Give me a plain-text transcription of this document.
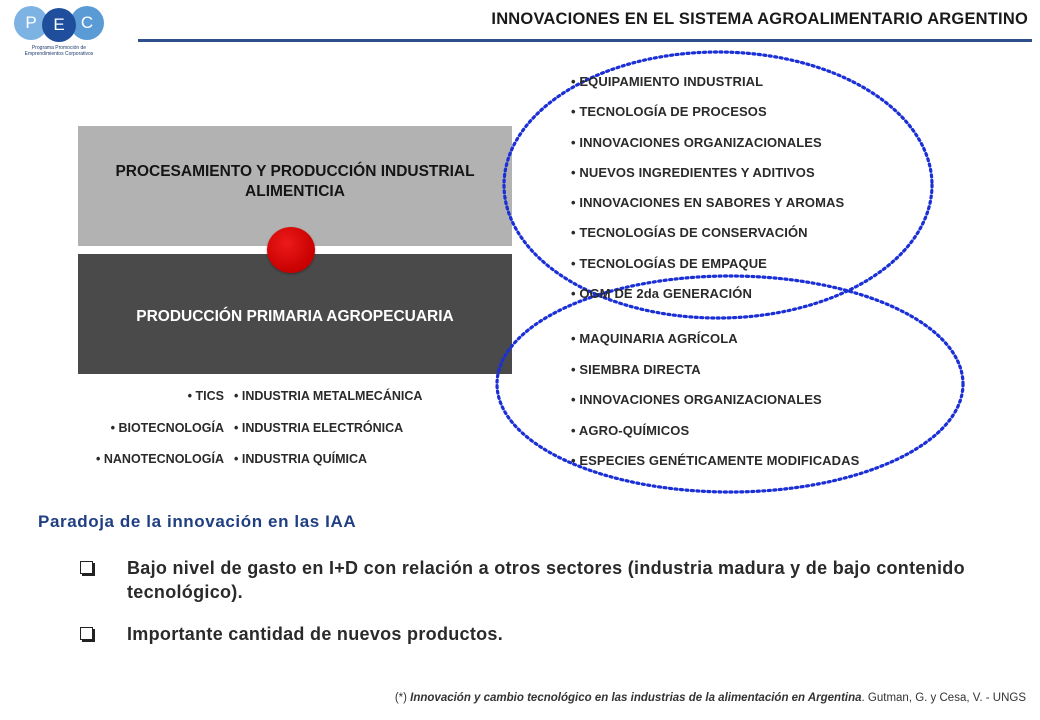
P E C
Programa Promoción de Emprendimientos Corporativos
INNOVACIONES EN EL SISTEMA AGROALIMENTARIO ARGENTINO
PROCESAMIENTO Y PRODUCCIÓN INDUSTRIAL ALIMENTICIA
PRODUCCIÓN PRIMARIA AGROPECUARIA
• EQUIPAMIENTO INDUSTRIAL
• TECNOLOGÍA DE PROCESOS
• INNOVACIONES ORGANIZACIONALES
• NUEVOS INGREDIENTES Y ADITIVOS
• INNOVACIONES EN SABORES Y AROMAS
• TECNOLOGÍAS DE CONSERVACIÓN
• TECNOLOGÍAS DE EMPAQUE
• OGM DE 2da GENERACIÓN
• MAQUINARIA AGRÍCOLA
• SIEMBRA DIRECTA
• INNOVACIONES ORGANIZACIONALES
• AGRO-QUÍMICOS
• ESPECIES GENÉTICAMENTE MODIFICADAS
• TICS
• BIOTECNOLOGÍA
• NANOTECNOLOGÍA
• INDUSTRIA METALMECÁNICA
• INDUSTRIA ELECTRÓNICA
• INDUSTRIA QUÍMICA
Paradoja de la innovación en las IAA
Bajo nivel de gasto en I+D con relación a otros sectores (industria madura y de bajo contenido tecnológico).
Importante cantidad de nuevos productos.
(*) Innovación y cambio tecnológico en las industrias de la alimentación en Argentina. Gutman, G. y Cesa, V. - UNGS
